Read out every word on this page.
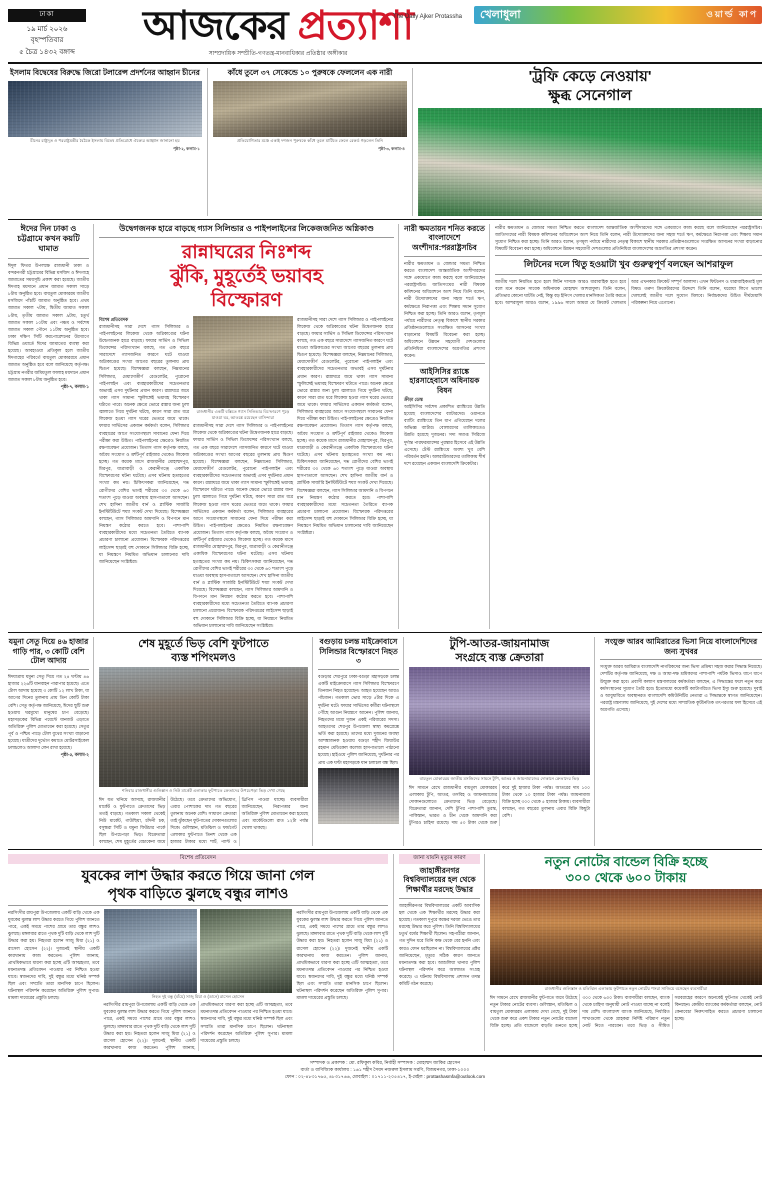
ঢাকা
১৯ মার্চ ২০২৬
বৃহস্পতিবার
৫ চৈত্র ১৪৩২ বঙ্গাব্দ
আজকের প্রত্যাশা
The Daily Ajker Protassha
সাম্প্রদায়িক সম্প্রীতি-গণতন্ত্র-মানবাধিকার প্রতিষ্ঠার অঙ্গীকার
খেলাধুলা	ওয়ার্ল্ড কাপ
ইসলাম বিদ্বেষের বিরুদ্ধে জিরো টলারেন্স প্রদর্শনের আহ্বান চীনের
চীনের রাষ্ট্রদূত ও পররাষ্ট্রমন্ত্রীর বৈঠকে ইসলাম বিদ্বেষ প্রতিরোধে ঐক্যের আহ্বান জানানো হয়
পৃষ্ঠা-২, কলাম-১
কাঁধে তুলে ৩৭ সেকেন্ডে ১০ পুরুষকে ফেললেন এক নারী
প্রতিযোগিতার মঞ্চে একাই দশজন পুরুষকে কাঁধে তুলে মাটিতে ফেলে রেকর্ড গড়লেন তিনি
পৃষ্ঠা-৩, কলাম-৪
'ট্রফি কেড়ে নেওয়ায়'
ক্ষুব্ধ সেনেগাল
ঈদের দিন ঢাকা ও চট্টগ্রামে কখন কয়টি ঘামাত
ঈদুল ফিতর উপলক্ষে রাজধানী ঢাকা ও বন্দরনগরী চট্টগ্রামের বিভিন্ন মসজিদ ও ঈদগাহে জামাতের সময়সূচি প্রকাশ করা হয়েছে। জাতীয় ঈদগাহ ময়দানে প্রধান জামাত সকাল সাড়ে ৮টায় অনুষ্ঠিত হবে। বায়তুল মোকাররম জাতীয় মসজিদে পাঁচটি জামাত অনুষ্ঠিত হবে। প্রথম জামাত সকাল ৭টায়, দ্বিতীয় জামাত সকাল ৮টায়, তৃতীয় জামাত সকাল ৯টায়, চতুর্থ জামাত সকাল ১০টায় এবং পঞ্চম ও সর্বশেষ জামাত সকাল পৌনে ১১টায় অনুষ্ঠিত হবে। ঢাকা দক্ষিণ সিটি করপোরেশনের উদ্যোগে বিভিন্ন ওয়ার্ডে ঈদের জামাতের ব্যবস্থা করা হয়েছে। আবহাওয়া প্রতিকূল হলে জাতীয় ঈদগাহের পরিবর্তে বায়তুল মোকাররমে প্রধান জামাত অনুষ্ঠিত হবে বলে জানিয়েছে কর্তৃপক্ষ। চট্টগ্রাম নগরীর জমিয়তুল ফালাহ ময়দানে প্রধান জামাত সকাল ৮টায় অনুষ্ঠিত হবে।
পৃষ্ঠা-৭, কলাম-১
উদ্বেগজনক হারে বাড়ছে গ্যাস সিলিন্ডার ও পাইপলাইনের লিকেজজনিত অগ্নিকাণ্ড
রান্নাঘরের নিঃশব্দ
ঝুঁকি, মুহূর্তেই ভয়াবহ
বিস্ফোরণ
বিশেষ প্রতিবেদক
রাজধানীসহ সারা দেশে গ্যাস সিলিন্ডার ও পাইপলাইনের লিকেজ থেকে অগ্নিকাণ্ডের ঘটনা উদ্বেগজনক হারে বাড়ছে। ফায়ার সার্ভিস ও সিভিল ডিফেন্সের পরিসংখ্যান বলছে, গত এক বছরে সারাদেশে গ্যাসজনিত কারণে ঘটে যাওয়া অগ্নিকাণ্ডের সংখ্যা আগের বছরের তুলনায় প্রায় দ্বিগুণ হয়েছে। বিশেষজ্ঞরা বলছেন, নিম্নমানের সিলিন্ডার, মেয়াদোত্তীর্ণ রেগুলেটর, পুরোনো পাইপলাইন এবং ব্যবহারকারীদের সচেতনতার অভাবই এসব দুর্ঘটনার প্রধান কারণ। রান্নাঘরে জমে থাকা গ্যাস সামান্য স্ফুলিঙ্গেই ভয়াবহ বিস্ফোরণ ঘটাতে পারে। অনেক ক্ষেত্রে ভোরে রান্নার জন্য চুলা জ্বালাতে গিয়ে দুর্ঘটনা ঘটছে, কারণ সারা রাত ধরে লিকেজ হওয়া গ্যাস ঘরের ভেতরে জমে থাকে। ফায়ার সার্ভিসের একজন কর্মকর্তা বলেন, সিলিন্ডার ব্যবহারের আগে সংযোগস্থলে সাবানের ফেনা দিয়ে পরীক্ষা করা উচিত। পাইপলাইনের ক্ষেত্রেও নিয়মিত রক্ষণাবেক্ষণ প্রয়োজন। তিতাস গ্যাস কর্তৃপক্ষ বলছে, অবৈধ সংযোগ ও ত্রুটিপূর্ণ রাইজার থেকেও লিকেজ হচ্ছে। গত কয়েক মাসে রাজধানীর মোহাম্মদপুর, মিরপুর, যাত্রাবাড়ী ও কেরানীগঞ্জে একাধিক বিস্ফোরণের ঘটনা ঘটেছে। এসব ঘটনায় হতাহতের সংখ্যা কম নয়। চিকিৎসকরা জানিয়েছেন, দগ্ধ রোগীদের বেশির ভাগই শরীরের ৩০ থেকে ৬০ শতাংশ পুড়ে যাওয়া অবস্থায় হাসপাতালে আসছেন। শেখ হাসিনা জাতীয় বার্ন ও প্লাস্টিক সার্জারি ইনস্টিটিউটে শয্যা সংকট দেখা দিয়েছে। বিশেষজ্ঞরা বলছেন, গ্যাস সিলিন্ডার আমদানি ও বিপণনে মান নিয়ন্ত্রণ কঠোর করতে হবে। পাশাপাশি ব্যবহারকারীদের মধ্যে সচেতনতা তৈরিতে ব্যাপক প্রচারণা চালানো প্রয়োজন। বিস্ফোরক পরিদপ্তরের লাইসেন্স ছাড়াই বহু দোকানে সিলিন্ডার বিক্রি হচ্ছে, যা নিয়ন্ত্রণে নিয়মিত অভিযান চালানোর দাবি জানিয়েছেন সংশ্লিষ্টরা।
রাজধানীর একটি বস্তিতে গ্যাস সিলিন্ডার বিস্ফোরণে পুড়ে যাওয়া ঘর, আতঙ্কে রয়েছেন বাসিন্দারা
রাজধানীসহ সারা দেশে গ্যাস সিলিন্ডার ও পাইপলাইনের লিকেজ থেকে অগ্নিকাণ্ডের ঘটনা উদ্বেগজনক হারে বাড়ছে। ফায়ার সার্ভিস ও সিভিল ডিফেন্সের পরিসংখ্যান বলছে, গত এক বছরে সারাদেশে গ্যাসজনিত কারণে ঘটে যাওয়া অগ্নিকাণ্ডের সংখ্যা আগের বছরের তুলনায় প্রায় দ্বিগুণ হয়েছে। বিশেষজ্ঞরা বলছেন, নিম্নমানের সিলিন্ডার, মেয়াদোত্তীর্ণ রেগুলেটর, পুরোনো পাইপলাইন এবং ব্যবহারকারীদের সচেতনতার অভাবই এসব দুর্ঘটনার প্রধান কারণ। রান্নাঘরে জমে থাকা গ্যাস সামান্য স্ফুলিঙ্গেই ভয়াবহ বিস্ফোরণ ঘটাতে পারে। অনেক ক্ষেত্রে ভোরে রান্নার জন্য চুলা জ্বালাতে গিয়ে দুর্ঘটনা ঘটছে, কারণ সারা রাত ধরে লিকেজ হওয়া গ্যাস ঘরের ভেতরে জমে থাকে। ফায়ার সার্ভিসের একজন কর্মকর্তা বলেন, সিলিন্ডার ব্যবহারের আগে সংযোগস্থলে সাবানের ফেনা দিয়ে পরীক্ষা করা উচিত। পাইপলাইনের ক্ষেত্রেও নিয়মিত রক্ষণাবেক্ষণ প্রয়োজন। তিতাস গ্যাস কর্তৃপক্ষ বলছে, অবৈধ সংযোগ ও ত্রুটিপূর্ণ রাইজার থেকেও লিকেজ হচ্ছে। গত কয়েক মাসে রাজধানীর মোহাম্মদপুর, মিরপুর, যাত্রাবাড়ী ও কেরানীগঞ্জে একাধিক বিস্ফোরণের ঘটনা ঘটেছে। এসব ঘটনায় হতাহতের সংখ্যা কম নয়। চিকিৎসকরা জানিয়েছেন, দগ্ধ রোগীদের বেশির ভাগই শরীরের ৩০ থেকে ৬০ শতাংশ পুড়ে যাওয়া অবস্থায় হাসপাতালে আসছেন। শেখ হাসিনা জাতীয় বার্ন ও প্লাস্টিক সার্জারি ইনস্টিটিউটে শয্যা সংকট দেখা দিয়েছে। বিশেষজ্ঞরা বলছেন, গ্যাস সিলিন্ডার আমদানি ও বিপণনে মান নিয়ন্ত্রণ কঠোর করতে হবে। পাশাপাশি ব্যবহারকারীদের মধ্যে সচেতনতা তৈরিতে ব্যাপক প্রচারণা চালানো প্রয়োজন। বিস্ফোরক পরিদপ্তরের লাইসেন্স ছাড়াই বহু দোকানে সিলিন্ডার বিক্রি হচ্ছে, যা নিয়ন্ত্রণে নিয়মিত অভিযান চালানোর দাবি জানিয়েছেন সংশ্লিষ্টরা।
রাজধানীসহ সারা দেশে গ্যাস সিলিন্ডার ও পাইপলাইনের লিকেজ থেকে অগ্নিকাণ্ডের ঘটনা উদ্বেগজনক হারে বাড়ছে। ফায়ার সার্ভিস ও সিভিল ডিফেন্সের পরিসংখ্যান বলছে, গত এক বছরে সারাদেশে গ্যাসজনিত কারণে ঘটে যাওয়া অগ্নিকাণ্ডের সংখ্যা আগের বছরের তুলনায় প্রায় দ্বিগুণ হয়েছে। বিশেষজ্ঞরা বলছেন, নিম্নমানের সিলিন্ডার, মেয়াদোত্তীর্ণ রেগুলেটর, পুরোনো পাইপলাইন এবং ব্যবহারকারীদের সচেতনতার অভাবই এসব দুর্ঘটনার প্রধান কারণ। রান্নাঘরে জমে থাকা গ্যাস সামান্য স্ফুলিঙ্গেই ভয়াবহ বিস্ফোরণ ঘটাতে পারে। অনেক ক্ষেত্রে ভোরে রান্নার জন্য চুলা জ্বালাতে গিয়ে দুর্ঘটনা ঘটছে, কারণ সারা রাত ধরে লিকেজ হওয়া গ্যাস ঘরের ভেতরে জমে থাকে। ফায়ার সার্ভিসের একজন কর্মকর্তা বলেন, সিলিন্ডার ব্যবহারের আগে সংযোগস্থলে সাবানের ফেনা দিয়ে পরীক্ষা করা উচিত। পাইপলাইনের ক্ষেত্রেও নিয়মিত রক্ষণাবেক্ষণ প্রয়োজন। তিতাস গ্যাস কর্তৃপক্ষ বলছে, অবৈধ সংযোগ ও ত্রুটিপূর্ণ রাইজার থেকেও লিকেজ হচ্ছে। গত কয়েক মাসে রাজধানীর মোহাম্মদপুর, মিরপুর, যাত্রাবাড়ী ও কেরানীগঞ্জে একাধিক বিস্ফোরণের ঘটনা ঘটেছে। এসব ঘটনায় হতাহতের সংখ্যা কম নয়। চিকিৎসকরা জানিয়েছেন, দগ্ধ রোগীদের বেশির ভাগই শরীরের ৩০ থেকে ৬০ শতাংশ পুড়ে যাওয়া অবস্থায় হাসপাতালে আসছেন। শেখ হাসিনা জাতীয় বার্ন ও প্লাস্টিক সার্জারি ইনস্টিটিউটে শয্যা সংকট দেখা দিয়েছে। বিশেষজ্ঞরা বলছেন, গ্যাস সিলিন্ডার আমদানি ও বিপণনে মান নিয়ন্ত্রণ কঠোর করতে হবে। পাশাপাশি ব্যবহারকারীদের মধ্যে সচেতনতা তৈরিতে ব্যাপক প্রচারণা চালানো প্রয়োজন। বিস্ফোরক পরিদপ্তরের লাইসেন্স ছাড়াই বহু দোকানে সিলিন্ডার বিক্রি হচ্ছে, যা নিয়ন্ত্রণে নিয়মিত অভিযান চালানোর দাবি জানিয়েছেন সংশ্লিষ্টরা।
নারী ক্ষমতায়ন শনিত করতে বাংলাদেশে অংশীদার:পররাষ্ট্রসচিব
নারীর ক্ষমতায়ন ও জেন্ডার সমতা নিশ্চিত করতে বাংলাদেশ আন্তর্জাতিক অংশীদারদের সঙ্গে একযোগে কাজ করছে বলে জানিয়েছেন পররাষ্ট্রসচিব। জাতিসংঘের নারী বিষয়ক কমিশনের অধিবেশনে অংশ নিয়ে তিনি বলেন, নারী উদ্যোক্তাদের জন্য সহজ শর্তে ঋণ, কর্মক্ষেত্রে নিরাপত্তা এবং শিক্ষায় সমান সুযোগ নিশ্চিত করা হচ্ছে। তিনি আরও বলেন, তৃণমূল পর্যায়ে নারীদের নেতৃত্ব বিকাশে স্থানীয় সরকার প্রতিষ্ঠানগুলোতে সংরক্ষিত আসনের সংখ্যা বাড়ানোর বিষয়টি বিবেচনা করা হচ্ছে। অধিবেশনে উন্নয়ন সহযোগী দেশগুলোর প্রতিনিধিরা বাংলাদেশের অগ্রগতির প্রশংসা করেন।
আইসিসির র‌্যাঙ্কে হারসাহেবাসে অধিনায়ক বিষন
ক্রীড়া ডেস্ক
আইসিসির সর্বশেষ প্রকাশিত র‌্যাঙ্কিংয়ে উন্নতি হয়েছে বাংলাদেশের ব্যাটারদের। ওয়ানডে ব্যাটিং র‌্যাঙ্কিংয়ে তিন ধাপ এগিয়েছেন দলের অভিজ্ঞ ব্যাটার। বোলারদের তালিকাতেও উন্নতি হয়েছে দুজনের। সদ্য সমাপ্ত সিরিজে দুর্দান্ত পারফরম্যান্সের পুরস্কার হিসেবে এই উন্নতি এসেছে। টেস্ট র‌্যাঙ্কিংয়ে অবশ্য খুব বেশি পরিবর্তন হয়নি। অলরাউন্ডারদের তালিকায় শীর্ষ দশে রয়েছেন একজন বাংলাদেশি ক্রিকেটার।
নারীর ক্ষমতায়ন ও জেন্ডার সমতা নিশ্চিত করতে বাংলাদেশ আন্তর্জাতিক অংশীদারদের সঙ্গে একযোগে কাজ করছে বলে জানিয়েছেন পররাষ্ট্রসচিব। জাতিসংঘের নারী বিষয়ক কমিশনের অধিবেশনে অংশ নিয়ে তিনি বলেন, নারী উদ্যোক্তাদের জন্য সহজ শর্তে ঋণ, কর্মক্ষেত্রে নিরাপত্তা এবং শিক্ষায় সমান সুযোগ নিশ্চিত করা হচ্ছে। তিনি আরও বলেন, তৃণমূল পর্যায়ে নারীদের নেতৃত্ব বিকাশে স্থানীয় সরকার প্রতিষ্ঠানগুলোতে সংরক্ষিত আসনের সংখ্যা বাড়ানোর বিষয়টি বিবেচনা করা হচ্ছে। অধিবেশনে উন্নয়ন সহযোগী দেশগুলোর প্রতিনিধিরা বাংলাদেশের অগ্রগতির প্রশংসা করেন।
লিটনের দলে থিতু হওয়াটা খুব গুরুত্বপূর্ণ বলছেন আশরাফুল
জাতীয় দলে নিয়মিত হতে হলে লিটন দাসকে আরও ধারাবাহিক হতে হবে বলে মনে করেন সাবেক অধিনায়ক মোহাম্মদ আশরাফুল। তিনি বলেন, প্রতিভার কোনো ঘাটতি নেই, কিন্তু বড় ইনিংস খেলার মানসিকতা তৈরি করতে হবে। আশরাফুল আরও বলেন, ১৯৯৬ সালে আমরা যে ক্রিকেট খেলতাম আর এখনকার ক্রিকেট সম্পূর্ণ আলাদা। এখন ফিটনেস ও ধারাবাহিকতাই মূল বিষয়। তরুণ ক্রিকেটারদের উদ্দেশে তিনি বলেন, ঘরোয়া লিগে ভালো খেললেই জাতীয় দলে সুযোগ মিলবে। নির্বাচকদের উচিত দীর্ঘমেয়াদি পরিকল্পনা নিয়ে এগোনো।
যমুনা সেতু দিয়ে ৪৬ হাজার গাড়ি পার, ৩ কোটি বেশি টোল আদায়
ঈদযাত্রায় যমুনা সেতু দিয়ে গত ২৪ ঘণ্টায় ৪৬ হাজার ২২৬টি যানবাহন পারাপার হয়েছে। এতে টোল আদায় হয়েছে ৩ কোটি ১২ লাখ টাকা, যা আগের দিনের তুলনায় প্রায় তিন কোটি টাকা বেশি। সেতু কর্তৃপক্ষ জানিয়েছে, ঈদের ছুটি শুরু হওয়ায় ঘরমুখো মানুষের চাপ বেড়েছে। মহাসড়কের বিভিন্ন পয়েন্টে যানজট এড়াতে অতিরিক্ত পুলিশ মোতায়েন করা হয়েছে। সেতুর পূর্ব ও পশ্চিম পাড়ে টোল বুথের সংখ্যা বাড়ানো হয়েছে। যাত্রীদের দুর্ভোগ কমাতে মোটরসাইকেল চলাচলেও আলাদা লেন রাখা হয়েছে।
পৃষ্ঠা-৫, কলাম-২
শেষ মুহূর্তে ভিড় বেশি ফুটপাতে
ব্যস্ত শপিংমলও
শনিবার রাজধানীর গুলিস্তান ও নিউ মার্কেট এলাকার ফুটপাতে ক্রেতাদের উপচেপড়া ভিড় দেখা গেছে
ঈদ যত ঘনিয়ে আসছে, রাজধানীর মার্কেট ও ফুটপাতে ক্রেতাদের ভিড় ততই বাড়ছে। গতকাল সকাল থেকেই নিউ মার্কেট, গাউছিয়া, চাঁদনী চক, বসুন্ধরা সিটি ও যমুনা ফিউচার পার্কে ছিল উপচেপড়া ভিড়। বিক্রেতারা বলছেন, শেষ মুহূর্তের বেচাকেনা জমে উঠেছে। তবে ক্রেতাদের অভিযোগ, এবার পোশাকের দাম গত বছরের তুলনায় অনেক বেশি। সাধারণ ক্রেতারা তাই ঝুঁকছেন ফুটপাতের দোকানগুলোর দিকে। গুলিস্তান, মতিঝিল ও ফার্মগেট এলাকার ফুটপাতে তিনশ থেকে এক হাজার টাকার মধ্যে শার্ট, প্যান্ট ও থ্রিপিস পাওয়া যাচ্ছে। ব্যবসায়ীরা জানিয়েছেন, নিরাপত্তার জন্য অতিরিক্ত পুলিশ মোতায়েন করা হয়েছে এবং মার্কেটগুলো রাত ১২টা পর্যন্ত খোলা থাকছে।
বগুড়ায় চলন্ত মাইক্রোবাসে সিলিন্ডার বিস্ফোরণে নিহত ৩
বগুড়ার শেরপুরে ঢাকা-বগুড়া মহাসড়কে চলন্ত একটি মাইক্রোবাসে গ্যাস সিলিন্ডার বিস্ফোরণে তিনজন নিহত হয়েছেন। আহত হয়েছেন আরও পাঁচজন। গতকাল ভোর সাড়ে ৫টার দিকে এ দুর্ঘটনা ঘটে। ফায়ার সার্ভিসের কর্মীরা ঘটনাস্থলে পৌঁছে আগুন নিয়ন্ত্রণে আনেন। পুলিশ জানায়, নিহতদের মধ্যে দুজন একই পরিবারের সদস্য। আহতদের শেরপুর উপজেলা স্বাস্থ্য কমপ্লেক্সে ভর্তি করা হয়েছে। তাদের মধ্যে দুজনের অবস্থা আশঙ্কাজনক হওয়ায় বগুড়া শহীদ জিয়াউর রহমান মেডিকেল কলেজ হাসপাতালে পাঠানো হয়েছে। হাইওয়ে পুলিশ জানিয়েছে, দুর্ঘটনার পর প্রায় এক ঘণ্টা মহাসড়কে যান চলাচল বন্ধ ছিল।
টুপি-আতর-জায়নামাজ
সংগ্রহে ব্যস্ত ক্রেতারা
বায়তুল মোকাররম জাতীয় মসজিদের সামনে টুপি, আতর ও জায়নামাজের দোকানে ক্রেতাদের ভিড়
ঈদ সামনে রেখে রাজধানীর বায়তুল মোকাররম এলাকায় টুপি, আতর, তসবিহ ও জায়নামাজের দোকানগুলোতে ক্রেতাদের ভিড় বেড়েছে। বিক্রেতারা জানান, দেশি টুপির পাশাপাশি তুরস্ক, পাকিস্তান, ভারত ও চীন থেকে আমদানি করা টুপিরও চাহিদা রয়েছে। দাম ৫০ টাকা থেকে শুরু করে দুই হাজার টাকা পর্যন্ত। আতরের দাম ১০০ টাকা থেকে ১০ হাজার টাকা পর্যন্ত। জায়নামাজ বিক্রি হচ্ছে ৩০০ থেকে ৫ হাজার টাকায়। ব্যবসায়ীরা বলছেন, গত বছরের তুলনায় এবার বিক্রি কিছুটা বেশি।
সংযুক্ত আরব আমিরাতের ভিসা নিয়ে বাংলাদেশিদের জন্য সুখবর
সংযুক্ত আরব আমিরাত বাংলাদেশি নাগরিকদের জন্য ভিসা প্রক্রিয়া সহজ করার সিদ্ধান্ত নিয়েছে। দেশটির কর্তৃপক্ষ জানিয়েছে, দক্ষ ও আধা-দক্ষ শ্রমিকদের পাশাপাশি পর্যটক ভিসাও ধাপে ধাপে উন্মুক্ত করা হবে। প্রবাসী কল্যাণ মন্ত্রণালয়ের কর্মকর্তারা বলছেন, এ সিদ্ধান্তের ফলে নতুন করে কর্মসংস্থানের সুযোগ তৈরি হবে। ইতোমধ্যে কয়েকটি ক্যাটাগরিতে ভিসা ইস্যু শুরু হয়েছে। দুবাই ও আবুধাবিতে অবস্থানরত বাংলাদেশি কমিউনিটির নেতারা এ সিদ্ধান্তকে স্বাগত জানিয়েছেন। পররাষ্ট্র মন্ত্রণালয় জানিয়েছে, দুই দেশের মধ্যে সাম্প্রতিক কূটনৈতিক তৎপরতার ফল হিসেবে এই অগ্রগতি এসেছে।
বিশেষ প্রতিবেদন
যুবকের লাশ উদ্ধার করতে গিয়ে জানা গেল
পৃথক বাড়িতে ঝুলছে বন্ধুর লাশও
নরসিংদীর রায়পুরা উপজেলায় একটি বাড়ি থেকে এক যুবকের ঝুলন্ত লাশ উদ্ধার করতে গিয়ে পুলিশ জানতে পারে, একই সময়ে পাশের গ্রামে তার বন্ধুর লাশও ঝুলছে। মঙ্গলবার রাতে পৃথক দুটি বাড়ি থেকে লাশ দুটি উদ্ধার করা হয়। নিহতরা হলেন সাজু মিয়া (২১) ও রাসেল হোসেন (২২)। দুজনেই স্থানীয় একটি কারখানায় কাজ করতেন। পুলিশ জানায়, প্রাথমিকভাবে ধারণা করা হচ্ছে এটি আত্মহত্যা, তবে ময়নাতদন্ত প্রতিবেদন পাওয়ার পর নিশ্চিত হওয়া যাবে। স্বজনদের দাবি, দুই বন্ধুর মধ্যে ঘনিষ্ঠ সম্পর্ক ছিল এবং সম্প্রতি তারা মানসিক চাপে ছিলেন। ঘটনাস্থল পরিদর্শন করেছেন অতিরিক্ত পুলিশ সুপার। মামলা দায়েরের প্রস্তুতি চলছে।	নিহত দুই বন্ধু (বাঁয়ে) সাজু মিয়া ও (ডানে) রাসেল হোসেন
নরসিংদীর রায়পুরা উপজেলায় একটি বাড়ি থেকে এক যুবকের ঝুলন্ত লাশ উদ্ধার করতে গিয়ে পুলিশ জানতে পারে, একই সময়ে পাশের গ্রামে তার বন্ধুর লাশও ঝুলছে। মঙ্গলবার রাতে পৃথক দুটি বাড়ি থেকে লাশ দুটি উদ্ধার করা হয়। নিহতরা হলেন সাজু মিয়া (২১) ও রাসেল হোসেন (২২)। দুজনেই স্থানীয় একটি কারখানায় কাজ করতেন। পুলিশ জানায়, প্রাথমিকভাবে ধারণা করা হচ্ছে এটি আত্মহত্যা, তবে ময়নাতদন্ত প্রতিবেদন পাওয়ার পর নিশ্চিত হওয়া যাবে। স্বজনদের দাবি, দুই বন্ধুর মধ্যে ঘনিষ্ঠ সম্পর্ক ছিল এবং সম্প্রতি তারা মানসিক চাপে ছিলেন। ঘটনাস্থল পরিদর্শন করেছেন অতিরিক্ত পুলিশ সুপার। মামলা দায়েরের প্রস্তুতি চলছে।
নরসিংদীর রায়পুরা উপজেলায় একটি বাড়ি থেকে এক যুবকের ঝুলন্ত লাশ উদ্ধার করতে গিয়ে পুলিশ জানতে পারে, একই সময়ে পাশের গ্রামে তার বন্ধুর লাশও ঝুলছে। মঙ্গলবার রাতে পৃথক দুটি বাড়ি থেকে লাশ দুটি উদ্ধার করা হয়। নিহতরা হলেন সাজু মিয়া (২১) ও রাসেল হোসেন (২২)। দুজনেই স্থানীয় একটি কারখানায় কাজ করতেন। পুলিশ জানায়, প্রাথমিকভাবে ধারণা করা হচ্ছে এটি আত্মহত্যা, তবে ময়নাতদন্ত প্রতিবেদন পাওয়ার পর নিশ্চিত হওয়া যাবে। স্বজনদের দাবি, দুই বন্ধুর মধ্যে ঘনিষ্ঠ সম্পর্ক ছিল এবং সম্প্রতি তারা মানসিক চাপে ছিলেন। ঘটনাস্থল পরিদর্শন করেছেন অতিরিক্ত পুলিশ সুপার। মামলা দায়েরের প্রস্তুতি চলছে।
জানা যায়নি মৃত্যুর কারণ
জাহাঙ্গীরনগর বিশ্ববিদ্যালয়ের হল থেকে শিক্ষার্থীর মরদেহ উদ্ধার
জাহাঙ্গীরনগর বিশ্ববিদ্যালয়ের একটি আবাসিক হল থেকে এক শিক্ষার্থীর মরদেহ উদ্ধার করা হয়েছে। গতকাল দুপুরে কক্ষের দরজা ভেঙে তার মরদেহ উদ্ধার করে পুলিশ। তিনি বিশ্ববিদ্যালয়ের চতুর্থ বর্ষের শিক্ষার্থী ছিলেন। সহপাঠীরা জানান, গত দুদিন ধরে তিনি কক্ষ থেকে বের হননি এবং কারও ফোন ধরছিলেন না। বিশ্ববিদ্যালয়ের প্রক্টর জানিয়েছেন, মৃত্যুর সঠিক কারণ জানতে ময়নাতদন্ত করা হবে। আশুলিয়া থানার পুলিশ ঘটনাস্থল পরিদর্শন করে আলামত সংগ্রহ করেছে। এ ঘটনায় বিশ্ববিদ্যালয় প্রশাসন তদন্ত কমিটি গঠন করেছে।
নতুন নোটের বান্ডেল বিক্রি হচ্ছে
৩০০ থেকে ৬০০ টাকায়
রাজধানীর গুলিস্তান ও মতিঝিল এলাকায় ফুটপাতে নতুন নোটের পসরা সাজিয়ে বসেছেন ব্যবসায়ীরা
ঈদ সামনে রেখে রাজধানীর ফুটপাতে জমে উঠেছে নতুন টাকার নোটের ব্যবসা। গুলিস্তান, মতিঝিল ও বায়তুল মোকাররম এলাকায় দেখা গেছে, দুই টাকা থেকে শুরু করে একশ টাকার নতুন নোটের বান্ডেল বিক্রি হচ্ছে। প্রতি বান্ডেলে বাড়তি গুনতে হচ্ছে ৩০০ থেকে ৬০০ টাকা। ব্যবসায়ীরা বলছেন, ব্যাংক থেকে চাহিদা অনুযায়ী নোট পাওয়া যাচ্ছে না বলেই দাম বেশি। বাংলাদেশ ব্যাংক জানিয়েছে, নির্ধারিত শাখাগুলো থেকে গ্রাহকরা নির্দিষ্ট পরিমাণ নতুন নোট নিতে পারবেন। তবে ভিড় ও সীমিত সরবরাহের কারণে অনেকেই ফুটপাত থেকেই নোট কিনছেন। কেন্দ্রীয় ব্যাংকের কর্মকর্তারা বলছেন, নোট কেনাবেচা নিরুৎসাহিত করতে প্রচারণা চালানো হচ্ছে।
সম্পাদক ও প্রকাশক : মো. রফিকুল কবির, নির্বাহী সম্পাদক : মোহাম্মদ জাকির হোসেন
বার্তা ও বাণিজ্যিক কার্যালয় : ১৬১ শহীদ সৈয়দ নজরুল ইসলাম সরণি, বিজয়নগর, ঢাকা-১০০০
ফোন : ০২-৪৮৩১৭৬৫, ৪৮৩১৭৬৬, মোবাইল : ০১৭১১-২০৫৪১৭, ই-মেইল : prottashasmfa@outlook.com
